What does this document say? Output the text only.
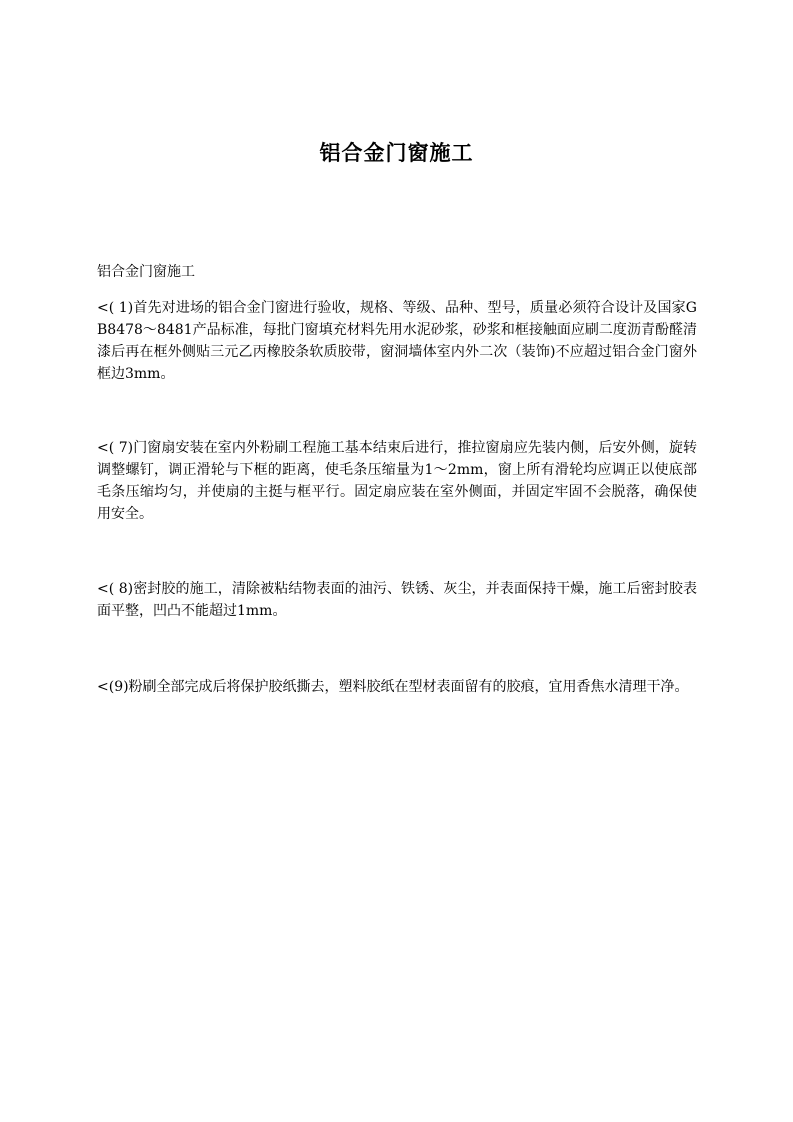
铝合金门窗施工

铝合金门窗施工

<( 1)首先对进场的铝合金门窗进行验收，规格、等级、品种、型号，质量必须符合设计及国家GB8478～8481产品标准，每批门窗填充材料先用水泥砂浆，砂浆和框接触面应刷二度沥青酚醛清漆后再在框外侧贴三元乙丙橡胶条软质胶带，窗洞墙体室内外二次（装饰)不应超过铝合金门窗外框边3mm。

<( 7)门窗扇安装在室内外粉刷工程施工基本结束后进行，推拉窗扇应先装内侧，后安外侧，旋转调整螺钉，调正滑轮与下框的距离，使毛条压缩量为1～2mm，窗上所有滑轮均应调正以使底部毛条压缩均匀，并使扇的主挺与框平行。固定扇应装在室外侧面，并固定牢固不会脱落，确保使用安全。

<( 8)密封胶的施工，清除被粘结物表面的油污、铁锈、灰尘，并表面保持干燥，施工后密封胶表面平整，凹凸不能超过1mm。

<(9)粉刷全部完成后将保护胶纸撕去，塑料胶纸在型材表面留有的胶痕，宜用香焦水清理干净。
